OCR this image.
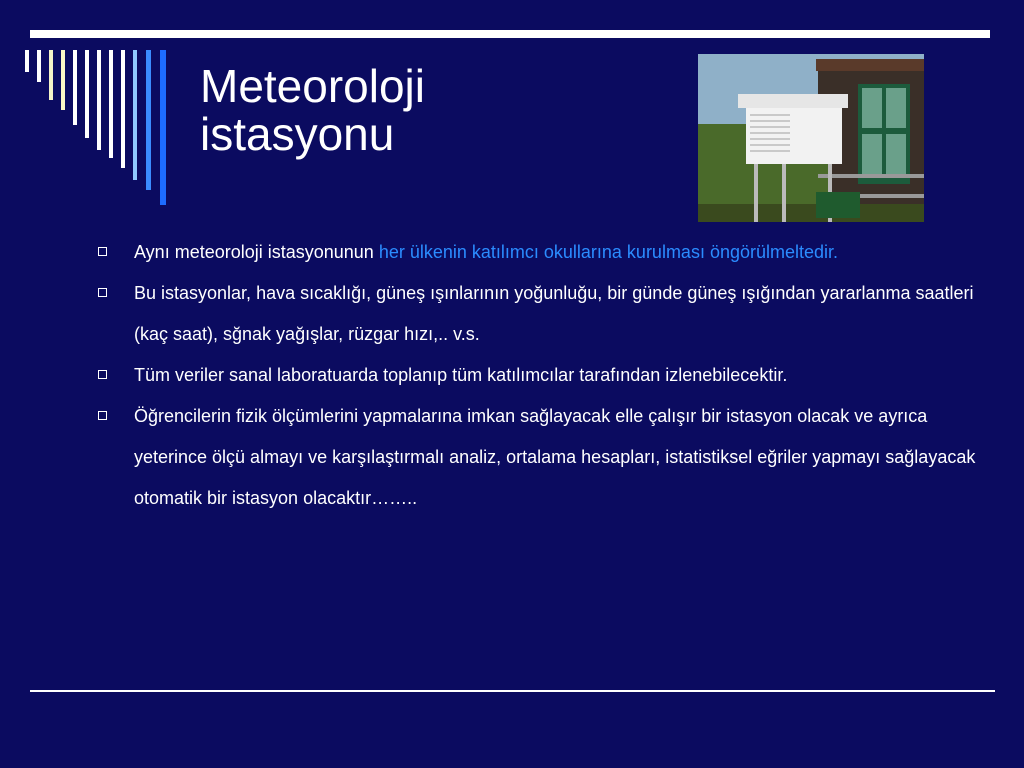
Meteoroloji
istasyonu
Aynı meteoroloji istasyonunun her ülkenin katılımcı okullarına kurulması öngörülmeltedir.
Bu istasyonlar, hava sıcaklığı, güneş ışınlarının yoğunluğu, bir günde güneş ışığından yararlanma saatleri (kaç saat), sğnak yağışlar, rüzgar hızı,.. v.s.
Tüm veriler sanal laboratuarda toplanıp tüm katılımcılar tarafından izlenebilecektir.
Öğrencilerin fizik ölçümlerini yapmalarına imkan sağlayacak elle çalışır bir istasyon olacak ve ayrıca yeterince ölçü almayı ve karşılaştırmalı analiz, ortalama hesapları, istatistiksel eğriler yapmayı sağlayacak otomatik bir istasyon olacaktır……..
